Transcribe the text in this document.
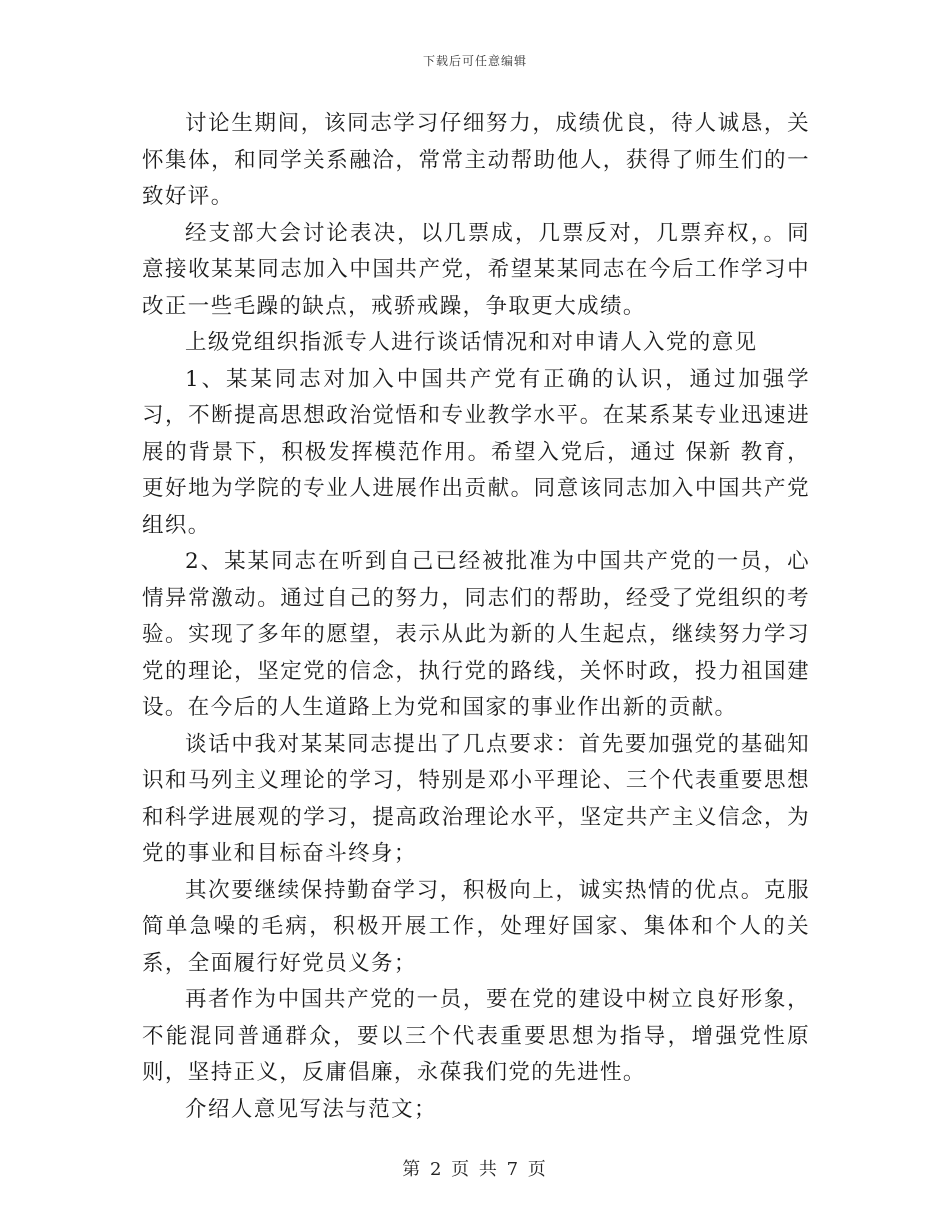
下载后可任意编辑

讨论生期间，该同志学习仔细努力，成绩优良，待人诚恳，关怀集体，和同学关系融洽，常常主动帮助他人，获得了师生们的一致好评。

经支部大会讨论表决，以几票成，几票反对，几票弃权，。同意接收某某同志加入中国共产党，希望某某同志在今后工作学习中改正一些毛躁的缺点，戒骄戒躁，争取更大成绩。

上级党组织指派专人进行谈话情况和对申请人入党的意见

1、某某同志对加入中国共产党有正确的认识，通过加强学习，不断提高思想政治觉悟和专业教学水平。在某系某专业迅速进展的背景下，积极发挥模范作用。希望入党后，通过 保新 教育，更好地为学院的专业人进展作出贡献。同意该同志加入中国共产党组织。

2、某某同志在听到自己已经被批准为中国共产党的一员，心情异常激动。通过自己的努力，同志们的帮助，经受了党组织的考验。实现了多年的愿望，表示从此为新的人生起点，继续努力学习党的理论，坚定党的信念，执行党的路线，关怀时政，投力祖国建设。在今后的人生道路上为党和国家的事业作出新的贡献。

谈话中我对某某同志提出了几点要求：首先要加强党的基础知识和马列主义理论的学习，特别是邓小平理论、三个代表重要思想和科学进展观的学习，提高政治理论水平，坚定共产主义信念，为党的事业和目标奋斗终身；

其次要继续保持勤奋学习，积极向上，诚实热情的优点。克服简单急噪的毛病，积极开展工作，处理好国家、集体和个人的关系，全面履行好党员义务；

再者作为中国共产党的一员，要在党的建设中树立良好形象，不能混同普通群众，要以三个代表重要思想为指导，增强党性原则，坚持正义，反庸倡廉，永葆我们党的先进性。

介绍人意见写法与范文；

第 2 页 共 7 页
